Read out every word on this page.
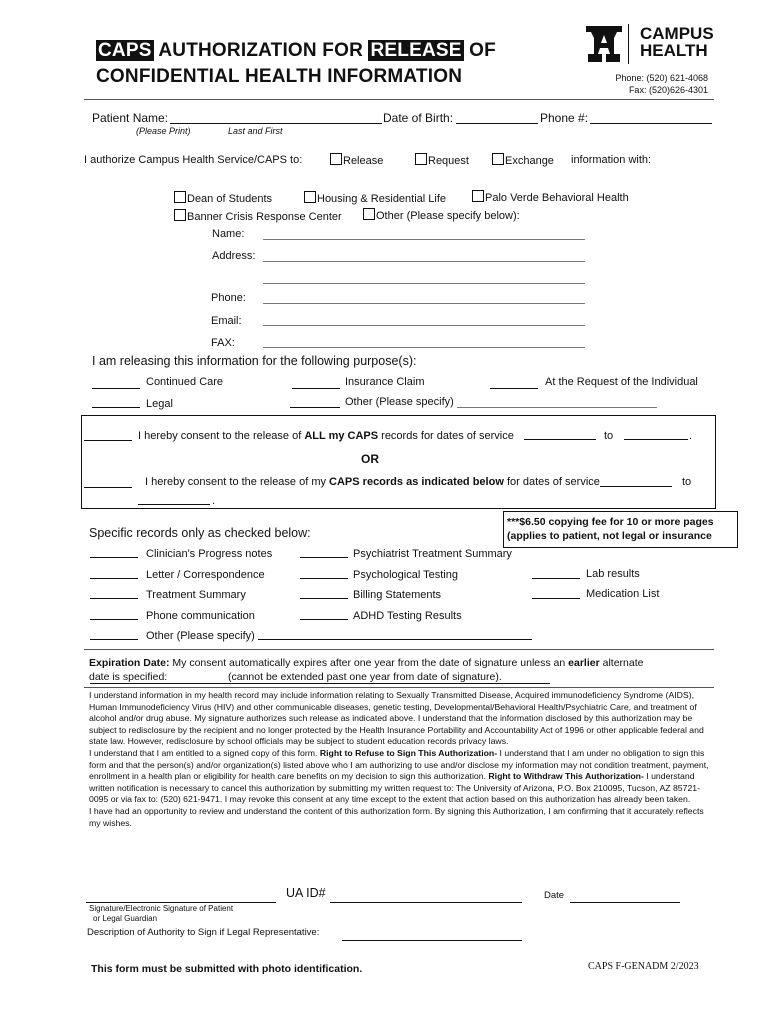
CAPS AUTHORIZATION FOR RELEASE OF
CONFIDENTIAL HEALTH INFORMATION
CAMPUS
HEALTH
Phone: (520) 621-4068
Fax: (520)626-4301
Patient Name:	Date of Birth:	Phone #:
(Please Print)	Last and First
I authorize Campus Health Service/CAPS to:	Release	Request	Exchange information with:
Dean of Students	Housing & Residential Life	Palo Verde Behavioral Health
Banner Crisis Response Center	Other (Please specify below):
Name:
Address:
Phone:
Email:
FAX:
I am releasing this information for the following purpose(s):
Continued Care	Insurance Claim	At the Request of the Individual
Legal	Other (Please specify)
I hereby consent to the release of ALL my CAPS records for dates of service	to	.
OR
I hereby consent to the release of my CAPS records as indicated below for dates of service	to
.
***$6.50 copying fee for 10 or more pages
(applies to patient, not legal or insurance
Specific records only as checked below:
Clinician's Progress notes	Psychiatrist Treatment Summary
Letter / Correspondence	Psychological Testing	Lab results
Treatment Summary	Billing Statements	Medication List
Phone communication	ADHD Testing Results
Other (Please specify)
Expiration Date: My consent automatically expires after one year from the date of signature unless an earlier alternate
date is specified:	(cannot be extended past one year from date of signature).
I understand information in my health record may include information relating to Sexually Transmitted Disease, Acquired immunodeficiency Syndrome (AIDS), Human Immunodeficiency Virus (HIV) and other communicable diseases, genetic testing, Developmental/Behavioral Health/Psychiatric Care, and treatment of alcohol and/or drug abuse. My signature authorizes such release as indicated above. I understand that the information disclosed by this authorization may be subject to redisclosure by the recipient and no longer protected by the Health Insurance Portability and Accountability Act of 1996 or other applicable federal and state law. However, redisclosure by school officials may be subject to student education records privacy laws.
I understand that I am entitled to a signed copy of this form. Right to Refuse to Sign This Authorization- I understand that I am under no obligation to sign this form and that the person(s) and/or organization(s) listed above who I am authorizing to use and/or disclose my information may not condition treatment, payment, enrollment in a health plan or eligibility for health care benefits on my decision to sign this authorization. Right to Withdraw This Authorization- I understand written notification is necessary to cancel this authorization by submitting my written request to: The University of Arizona, P.O. Box 210095, Tucson, AZ 85721-0095 or via fax to: (520) 621-9471. I may revoke this consent at any time except to the extent that action based on this authorization has already been taken.
I have had an opportunity to review and understand the content of this authorization form. By signing this Authorization, I am confirming that it accurately reflects my wishes.
UA ID#	Date
Signature/Electronic Signature of Patient
or Legal Guardian
Description of Authority to Sign if Legal Representative:
This form must be submitted with photo identification.	CAPS F-GENADM 2/2023
